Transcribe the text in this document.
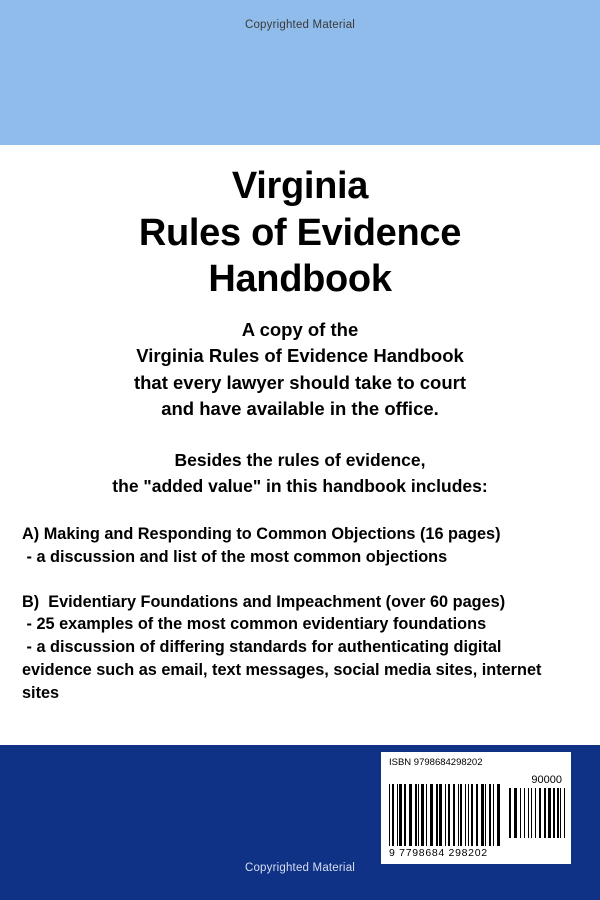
Copyrighted Material
Virginia
Rules of Evidence
Handbook
A copy of the
Virginia Rules of Evidence Handbook
that every lawyer should take to court
and have available in the office.
Besides the rules of evidence,
the "added value" in this handbook includes:
A) Making and Responding to Common Objections (16 pages)
- a discussion and list of the most common objections
B)  Evidentiary Foundations and Impeachment (over 60 pages)
- 25 examples of the most common evidentiary foundations
- a discussion of differing standards for authenticating digital
evidence such as email, text messages, social media sites, internet
sites
Copyrighted Material
ISBN 9798684298202
90000
9 7798684 298202
